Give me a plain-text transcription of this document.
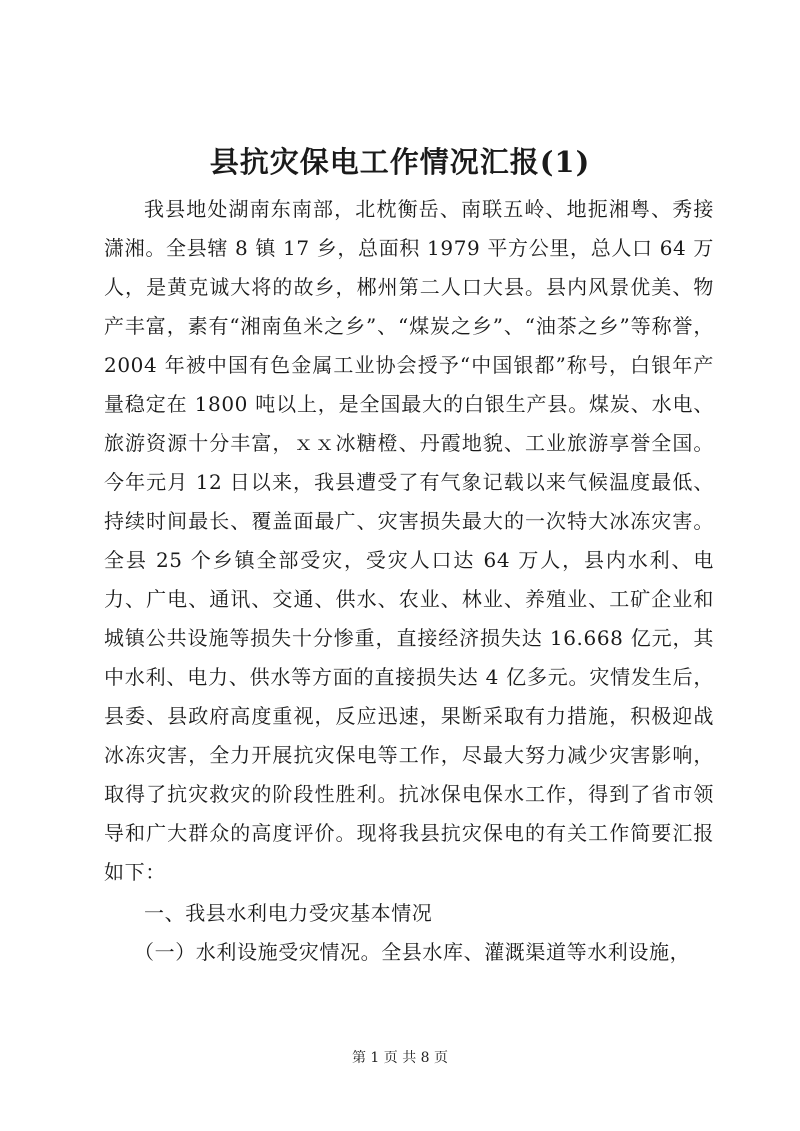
县抗灾保电工作情况汇报(1)

我县地处湖南东南部，北枕衡岳、南联五岭、地扼湘粤、秀接潇湘。全县辖 8 镇 17 乡，总面积 1979 平方公里，总人口 64 万人，是黄克诚大将的故乡，郴州第二人口大县。县内风景优美、物产丰富，素有“湘南鱼米之乡”、“煤炭之乡”、“油茶之乡”等称誉，2004 年被中国有色金属工业协会授予“中国银都”称号，白银年产量稳定在 1800 吨以上，是全国最大的白银生产县。煤炭、水电、旅游资源十分丰富，ｘｘ冰糖橙、丹霞地貌、工业旅游享誉全国。今年元月 12 日以来，我县遭受了有气象记载以来气候温度最低、持续时间最长、覆盖面最广、灾害损失最大的一次特大冰冻灾害。全县 25 个乡镇全部受灾，受灾人口达 64 万人，县内水利、电力、广电、通讯、交通、供水、农业、林业、养殖业、工矿企业和城镇公共设施等损失十分惨重，直接经济损失达 16.668 亿元，其中水利、电力、供水等方面的直接损失达 4 亿多元。灾情发生后，县委、县政府高度重视，反应迅速，果断采取有力措施，积极迎战冰冻灾害，全力开展抗灾保电等工作，尽最大努力减少灾害影响，取得了抗灾救灾的阶段性胜利。抗冰保电保水工作，得到了省市领导和广大群众的高度评价。现将我县抗灾保电的有关工作简要汇报如下：

一、我县水利电力受灾基本情况

（一）水利设施受灾情况。全县水库、灌溉渠道等水利设施，

第 1 页 共 8 页
